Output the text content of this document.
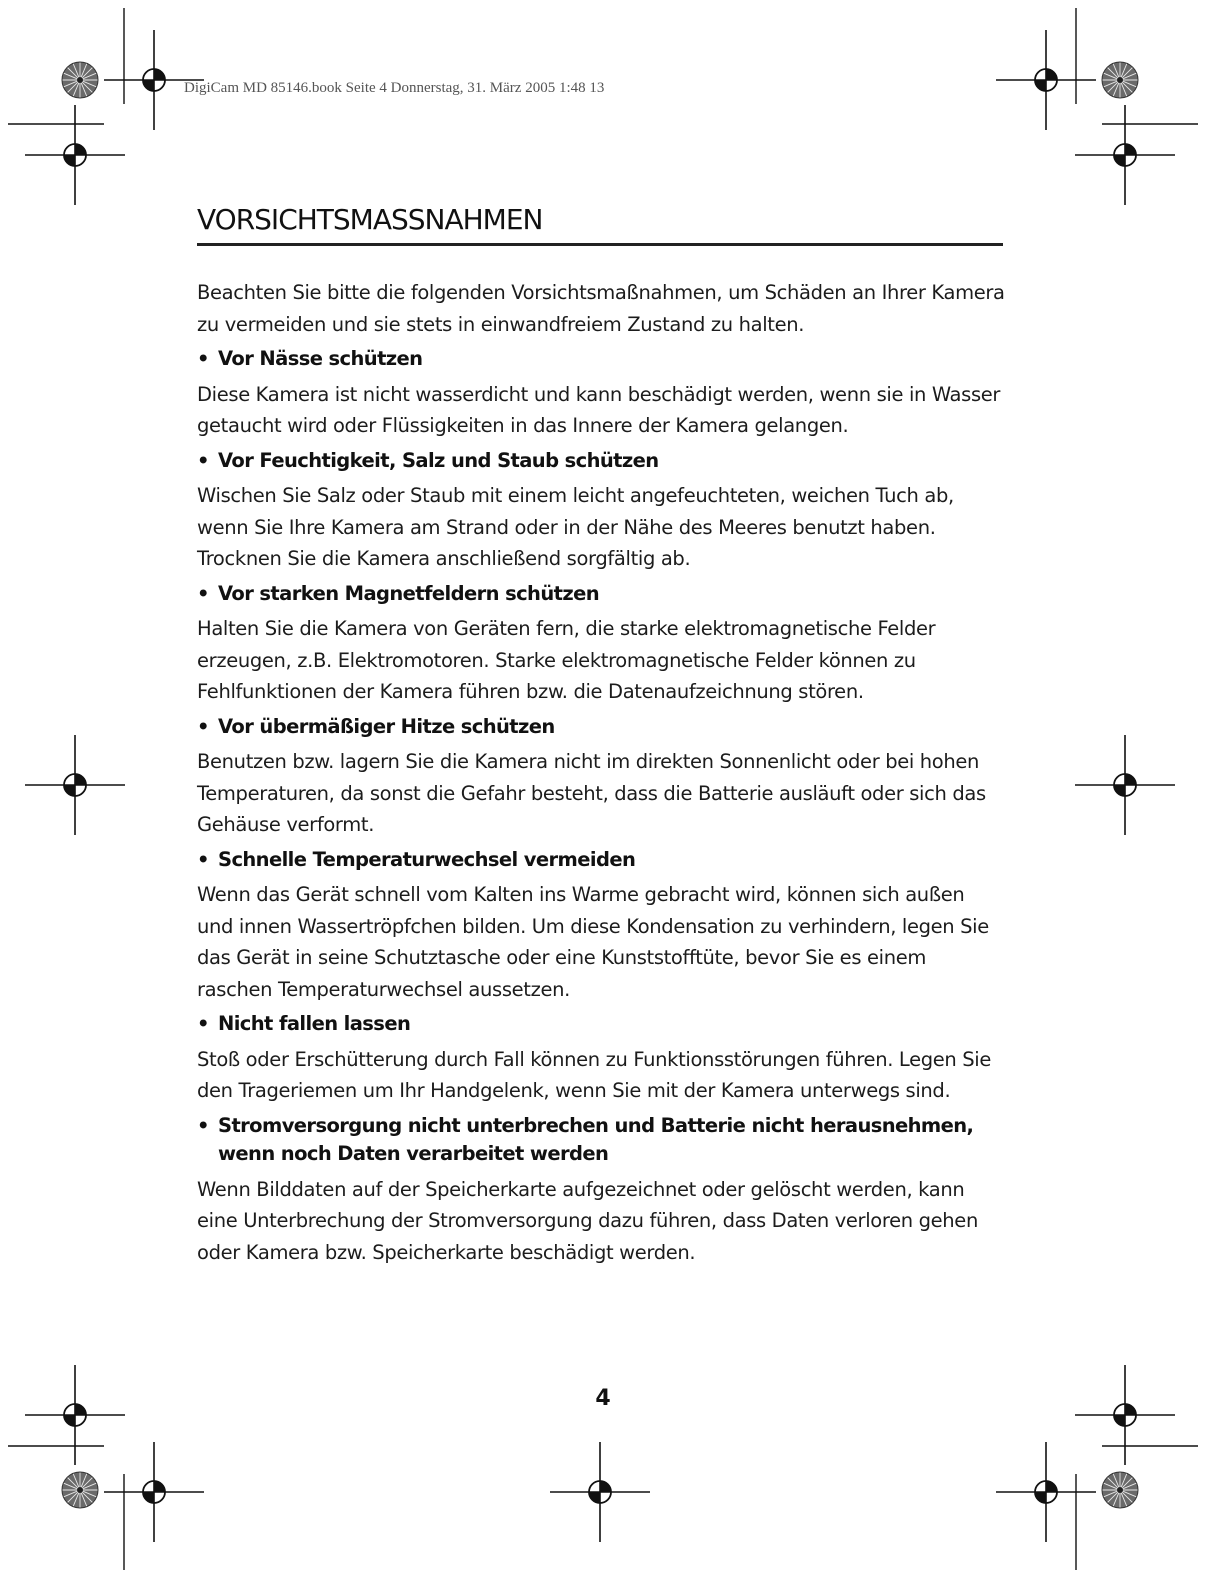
DigiCam MD 85146.book Seite 4 Donnerstag, 31. März 2005 1:48 13
VORSICHTSMASSNAHMEN

Beachten Sie bitte die folgenden Vorsichtsmaßnahmen, um Schäden an Ihrer Kamera zu vermeiden und sie stets in einwandfreiem Zustand zu halten.

• Vor Nässe schützen

Diese Kamera ist nicht wasserdicht und kann beschädigt werden, wenn sie in Wasser getaucht wird oder Flüssigkeiten in das Innere der Kamera gelangen.

• Vor Feuchtigkeit, Salz und Staub schützen

Wischen Sie Salz oder Staub mit einem leicht angefeuchteten, weichen Tuch ab, wenn Sie Ihre Kamera am Strand oder in der Nähe des Meeres benutzt haben. Trocknen Sie die Kamera anschließend sorgfältig ab.

• Vor starken Magnetfeldern schützen

Halten Sie die Kamera von Geräten fern, die starke elektromagnetische Felder erzeugen, z.B. Elektromotoren. Starke elektromagnetische Felder können zu Fehlfunktionen der Kamera führen bzw. die Datenaufzeichnung stören.

• Vor übermäßiger Hitze schützen

Benutzen bzw. lagern Sie die Kamera nicht im direkten Sonnenlicht oder bei hohen Temperaturen, da sonst die Gefahr besteht, dass die Batterie ausläuft oder sich das Gehäuse verformt.

• Schnelle Temperaturwechsel vermeiden

Wenn das Gerät schnell vom Kalten ins Warme gebracht wird, können sich außen und innen Wassertröpfchen bilden. Um diese Kondensation zu verhindern, legen Sie das Gerät in seine Schutztasche oder eine Kunststofftüte, bevor Sie es einem raschen Temperaturwechsel aussetzen.

• Nicht fallen lassen

Stoß oder Erschütterung durch Fall können zu Funktionsstörungen führen. Legen Sie den Trageriemen um Ihr Handgelenk, wenn Sie mit der Kamera unterwegs sind.

• Stromversorgung nicht unterbrechen und Batterie nicht herausnehmen, wenn noch Daten verarbeitet werden

Wenn Bilddaten auf der Speicherkarte aufgezeichnet oder gelöscht werden, kann eine Unterbrechung der Stromversorgung dazu führen, dass Daten verloren gehen oder Kamera bzw. Speicherkarte beschädigt werden.

4
